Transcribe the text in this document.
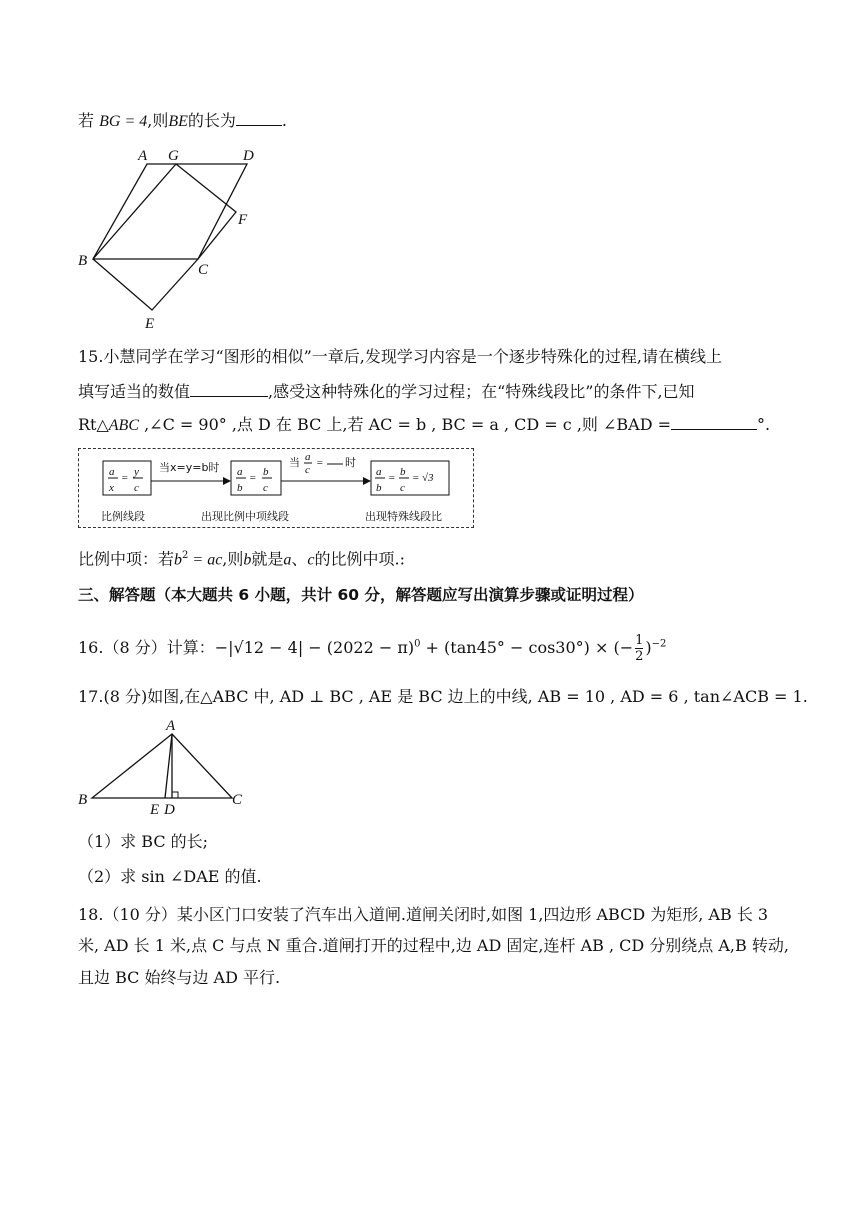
若 BG = 4,则BE的长为	.
A G	D
F
B
C
E
15.小慧同学在学习“图形的相似”一章后,发现学习内容是一个逐步特殊化的过程,请在横线上
填写适当的数值	,感受这种特殊化的学习过程；在“特殊线段比”的条件下,已知
Rt△ABC ,∠C = 90° ,点 D 在 BC 上,若 AC = b , BC = a , CD = c ,则 ∠BAD =	°.
a
x
= y
c
a
b
= b
c
a
b
= b
c
= √3
当x=y=b时	当 a
c
= 时
比例线段	出现比例中项线段	出现特殊线段比
比例中项：若$b^2$ = ac,则b就是a、c的比例中项.:
三、解答题（本大题共 6 小题，共计 60 分，解答题应写出演算步骤或证明过程）
16.（8 分）计算：$-|√12 - 4| - (2022 - \pi)^0 + (\tan 45^\circ - \cos 30^\circ)$ × (− $\frac{1}{2} )^{-2}$
17.(8 分)如图,在△ABC 中, AD ⊥ BC , AE 是 BC 边上的中线, AB = 10 , AD = 6 , tan∠ACB = 1.
A
B
E D
C
（1）求 BC 的长;
（2）求 sin ∠DAE 的值.
18.（10 分）某小区门口安装了汽车出入道闸.道闸关闭时,如图 1,四边形 ABCD 为矩形, AB 长 3
米, AD 长 1 米,点 C 与点 N 重合.道闸打开的过程中,边 AD 固定,连杆 AB , CD 分别绕点 A,B 转动,
且边 BC 始终与边 AD 平行.
